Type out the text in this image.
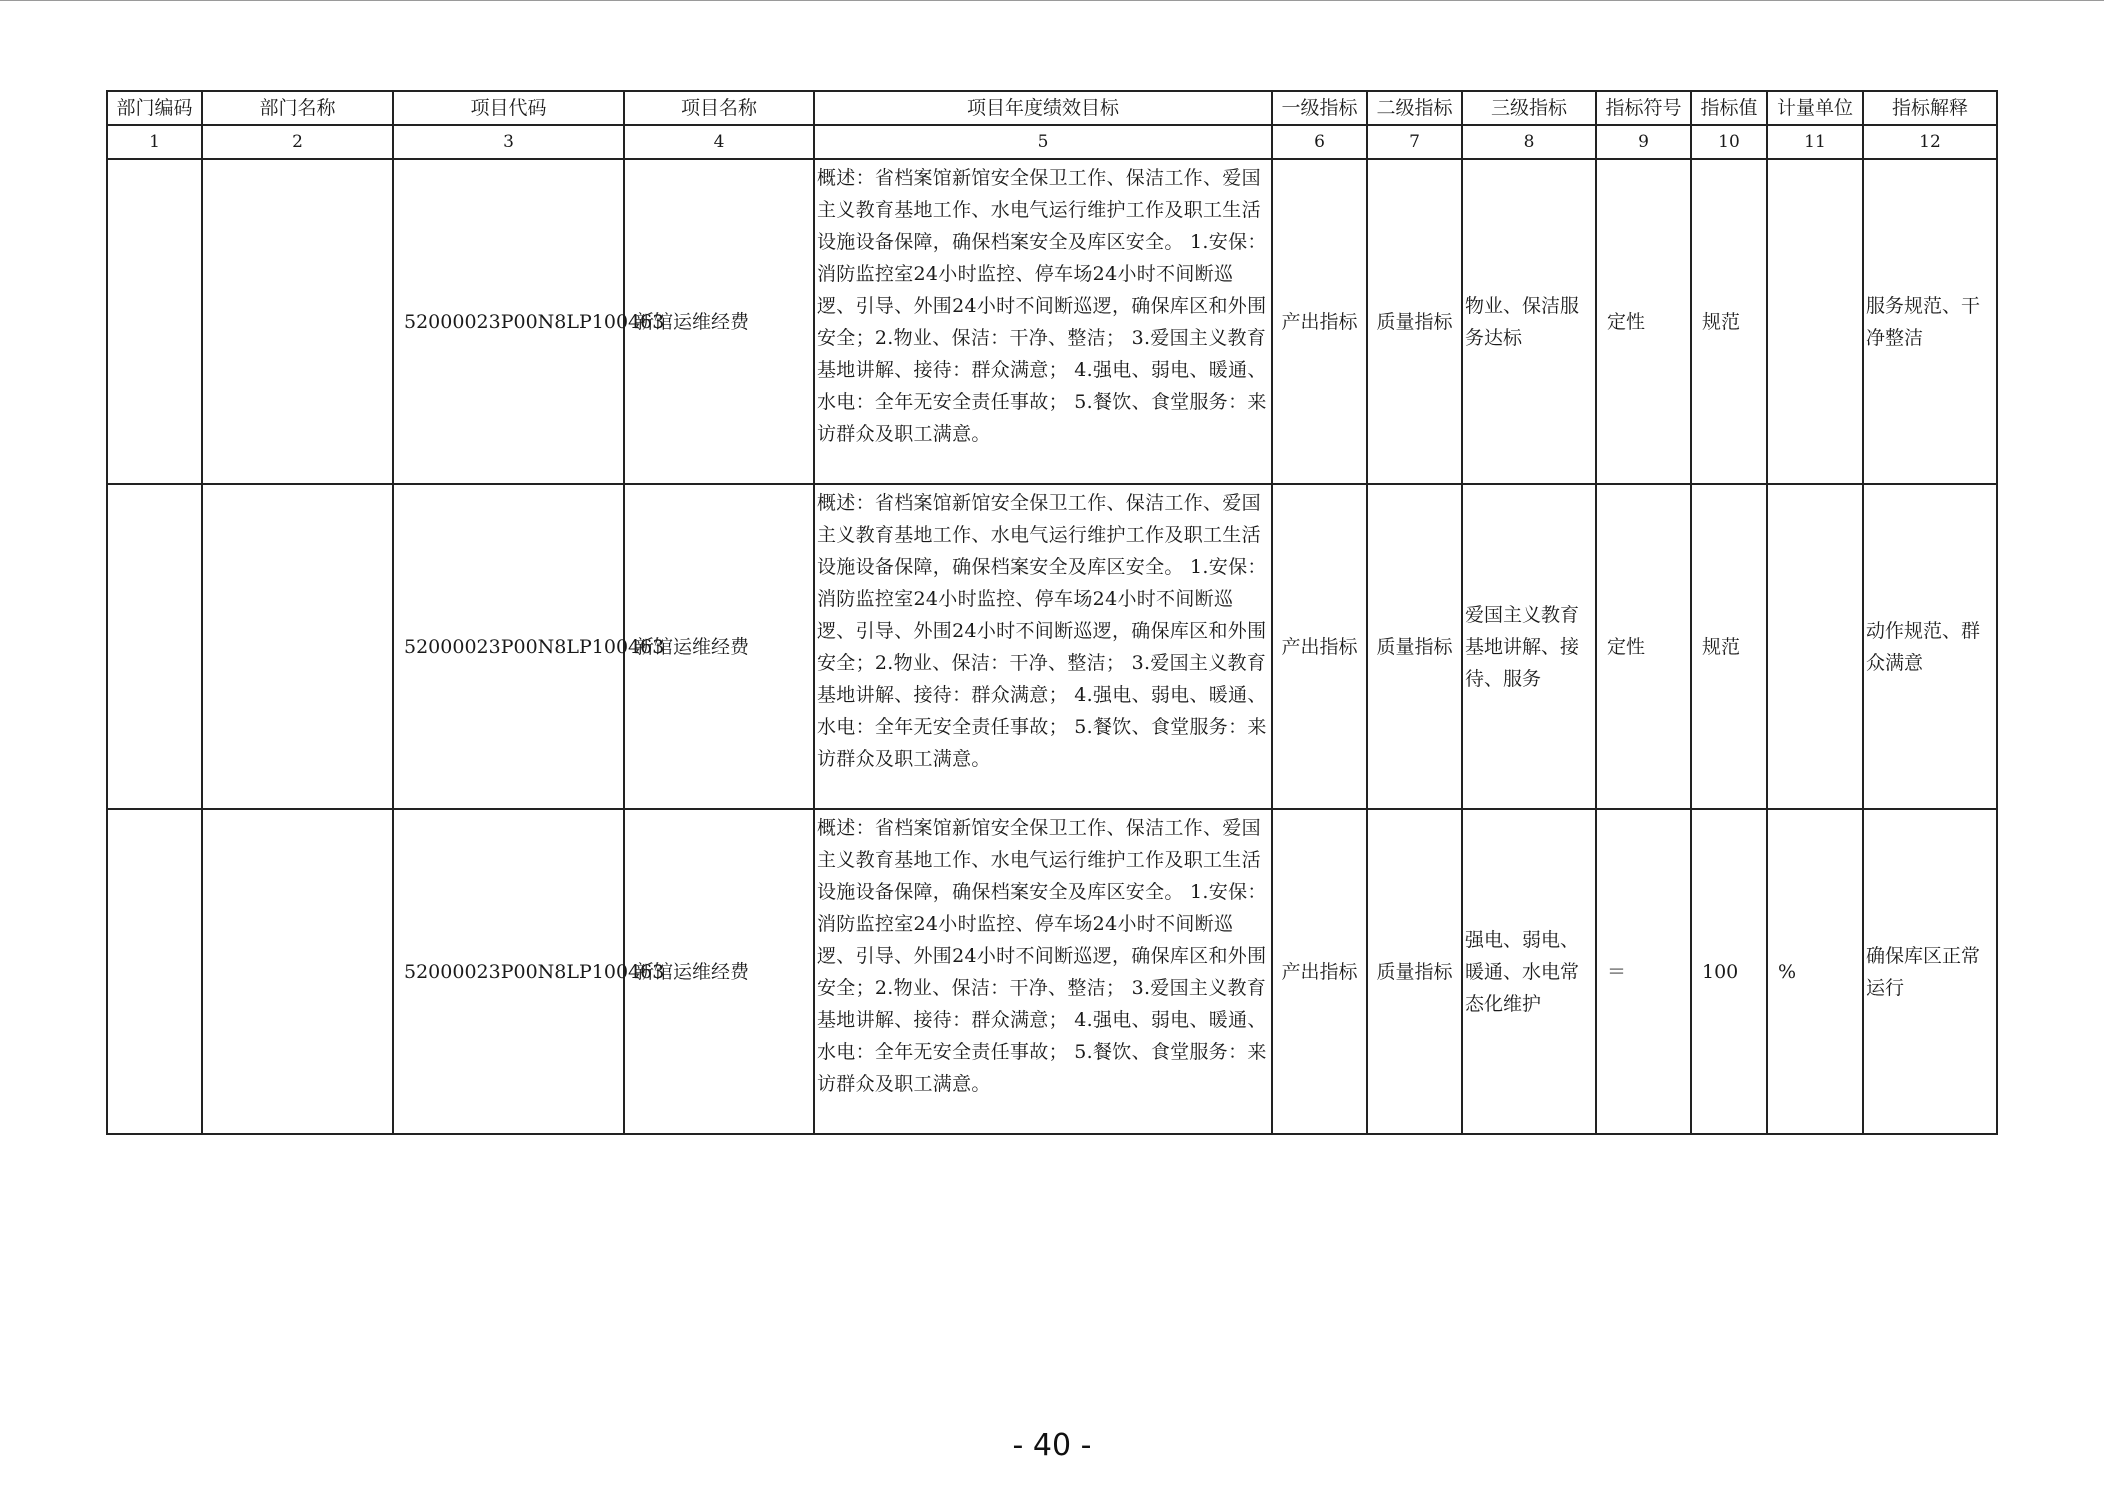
部门编码	部门名称	项目代码	项目名称	项目年度绩效目标	一级指标	二级指标	三级指标	指标符号	指标值	计量单位	指标解释
1	2	3	4	5	6	7	8	9	10	11	12
		52000023P00N8LP100463	新馆运维经费	概述：省档案馆新馆安全保卫工作、保洁工作、爱国主义教育基地工作、水电气运行维护工作及职工生活设施设备保障，确保档案安全及库区安全。 1.安保：消防监控室24小时监控、停车场24小时不间断巡逻、引导、外围24小时不间断巡逻，确保库区和外围安全；2.物业、保洁：干净、整洁； 3.爱国主义教育基地讲解、接待：群众满意； 4.强电、弱电、暖通、水电：全年无安全责任事故； 5.餐饮、食堂服务：来访群众及职工满意。	产出指标	质量指标	物业、保洁服务达标	定性	规范		服务规范、干净整洁
		52000023P00N8LP100463	新馆运维经费	概述：省档案馆新馆安全保卫工作、保洁工作、爱国主义教育基地工作、水电气运行维护工作及职工生活设施设备保障，确保档案安全及库区安全。 1.安保：消防监控室24小时监控、停车场24小时不间断巡逻、引导、外围24小时不间断巡逻，确保库区和外围安全；2.物业、保洁：干净、整洁； 3.爱国主义教育基地讲解、接待：群众满意； 4.强电、弱电、暖通、水电：全年无安全责任事故； 5.餐饮、食堂服务：来访群众及职工满意。	产出指标	质量指标	爱国主义教育基地讲解、接待、服务	定性	规范		动作规范、群众满意
		52000023P00N8LP100463	新馆运维经费	概述：省档案馆新馆安全保卫工作、保洁工作、爱国主义教育基地工作、水电气运行维护工作及职工生活设施设备保障，确保档案安全及库区安全。 1.安保：消防监控室24小时监控、停车场24小时不间断巡逻、引导、外围24小时不间断巡逻，确保库区和外围安全；2.物业、保洁：干净、整洁； 3.爱国主义教育基地讲解、接待：群众满意； 4.强电、弱电、暖通、水电：全年无安全责任事故； 5.餐饮、食堂服务：来访群众及职工满意。	产出指标	质量指标	强电、弱电、暖通、水电常态化维护	＝	100	%	确保库区正常运行
- 40 -
